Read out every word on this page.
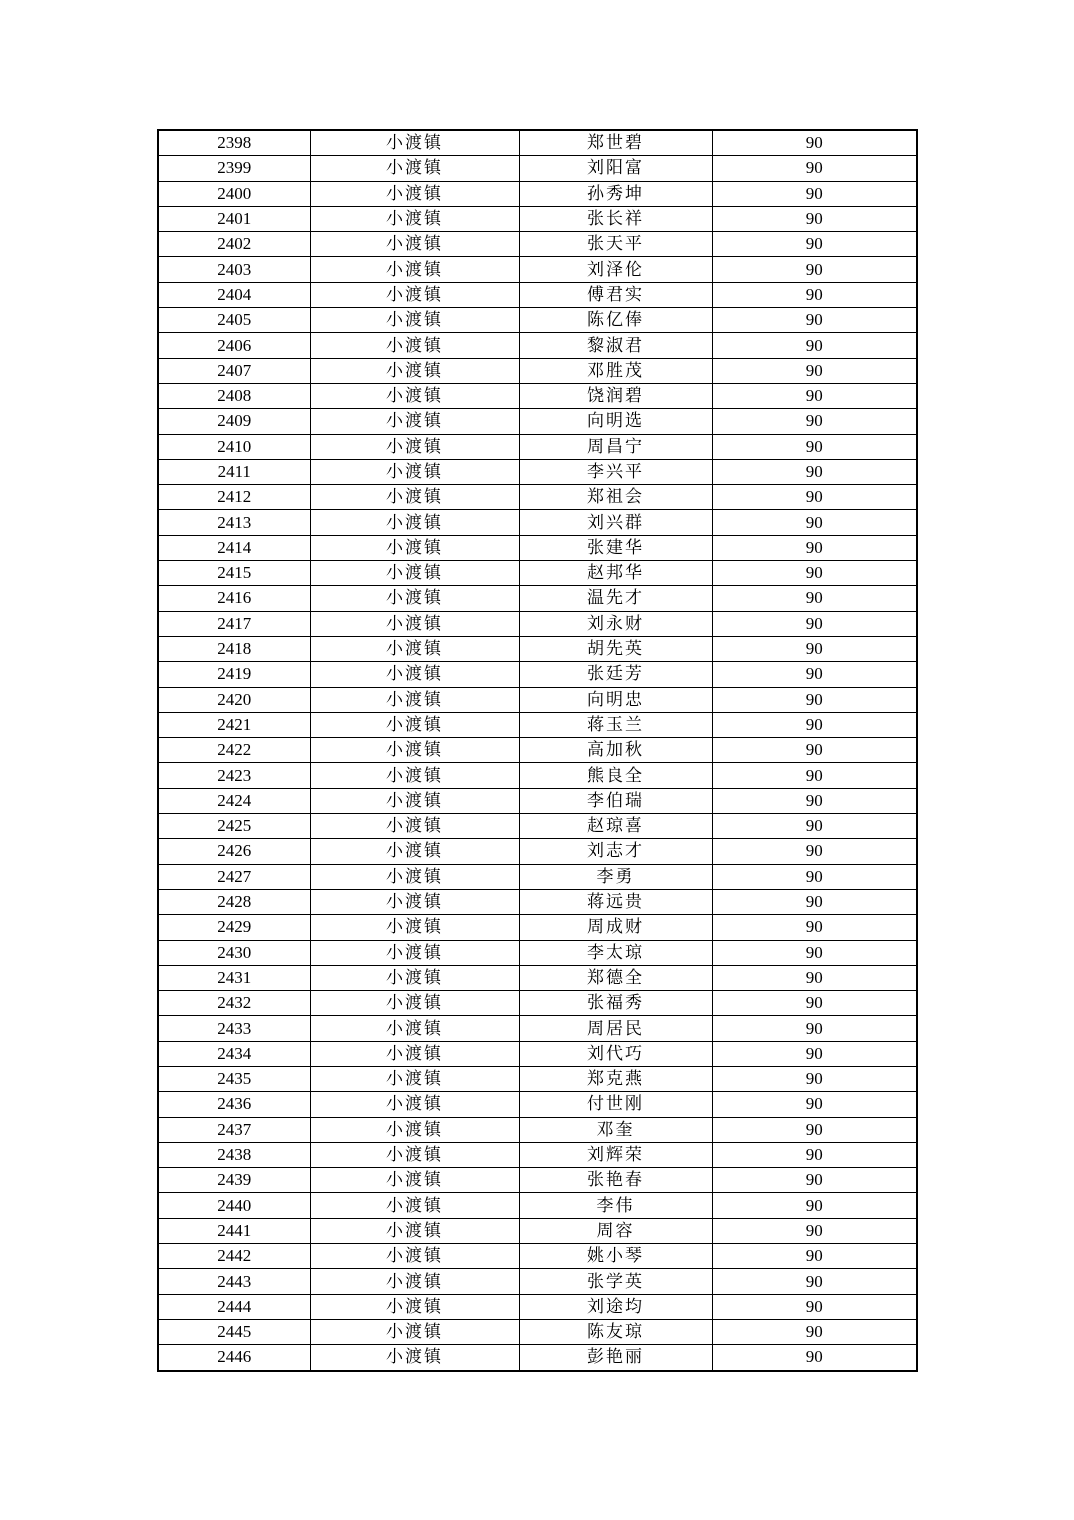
2398	小渡镇	郑世碧	90
2399	小渡镇	刘阳富	90
2400	小渡镇	孙秀坤	90
2401	小渡镇	张长祥	90
2402	小渡镇	张天平	90
2403	小渡镇	刘泽伦	90
2404	小渡镇	傅君实	90
2405	小渡镇	陈亿俸	90
2406	小渡镇	黎淑君	90
2407	小渡镇	邓胜茂	90
2408	小渡镇	饶润碧	90
2409	小渡镇	向明选	90
2410	小渡镇	周昌宁	90
2411	小渡镇	李兴平	90
2412	小渡镇	郑祖会	90
2413	小渡镇	刘兴群	90
2414	小渡镇	张建华	90
2415	小渡镇	赵邦华	90
2416	小渡镇	温先才	90
2417	小渡镇	刘永财	90
2418	小渡镇	胡先英	90
2419	小渡镇	张廷芳	90
2420	小渡镇	向明忠	90
2421	小渡镇	蒋玉兰	90
2422	小渡镇	高加秋	90
2423	小渡镇	熊良全	90
2424	小渡镇	李伯瑞	90
2425	小渡镇	赵琼喜	90
2426	小渡镇	刘志才	90
2427	小渡镇	李勇	90
2428	小渡镇	蒋远贵	90
2429	小渡镇	周成财	90
2430	小渡镇	李太琼	90
2431	小渡镇	郑德全	90
2432	小渡镇	张福秀	90
2433	小渡镇	周居民	90
2434	小渡镇	刘代巧	90
2435	小渡镇	郑克燕	90
2436	小渡镇	付世刚	90
2437	小渡镇	邓奎	90
2438	小渡镇	刘辉荣	90
2439	小渡镇	张艳春	90
2440	小渡镇	李伟	90
2441	小渡镇	周容	90
2442	小渡镇	姚小琴	90
2443	小渡镇	张学英	90
2444	小渡镇	刘途均	90
2445	小渡镇	陈友琼	90
2446	小渡镇	彭艳丽	90
